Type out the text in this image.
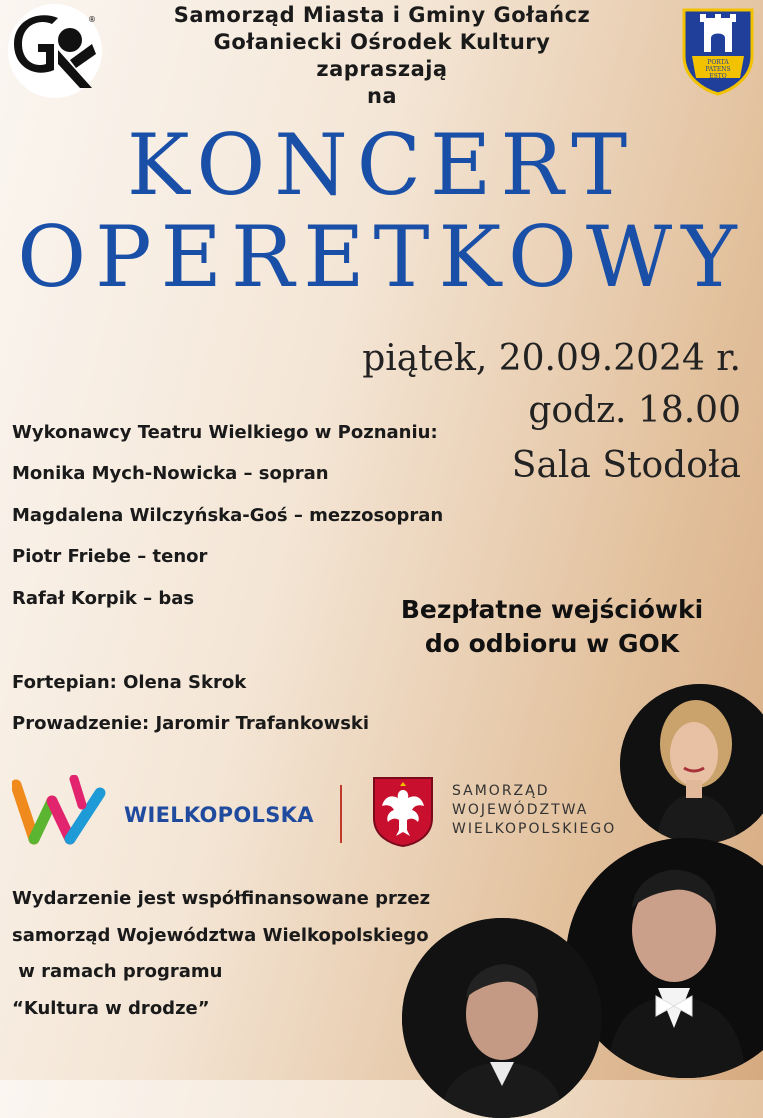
®	Samorząd Miasta i Gminy Gołańcz
Gołaniecki Ośrodek Kultury
zapraszają
na
PORTA
PATENS
ESTO
KONCERT
OPERETKOWY
piątek, 20.09.2024 r.
godz. 18.00
Sala Stodoła
Wykonawcy Teatru Wielkiego w Poznaniu:
Monika Mych-Nowicka – sopran
Magdalena Wilczyńska-Goś – mezzosopran
Piotr Friebe – tenor
Rafał Korpik – bas	Bezpłatne wejściówki
do odbioru w GOK
Fortepian: Olena Skrok
Prowadzenie: Jaromir Trafankowski
WIELKOPOLSKA
SAMORZĄD
WOJEWÓDZTWA
WIELKOPOLSKIEGO
Wydarzenie jest współfinansowane przez
samorząd Województwa Wielkopolskiego
w ramach programu
“Kultura w drodze”
